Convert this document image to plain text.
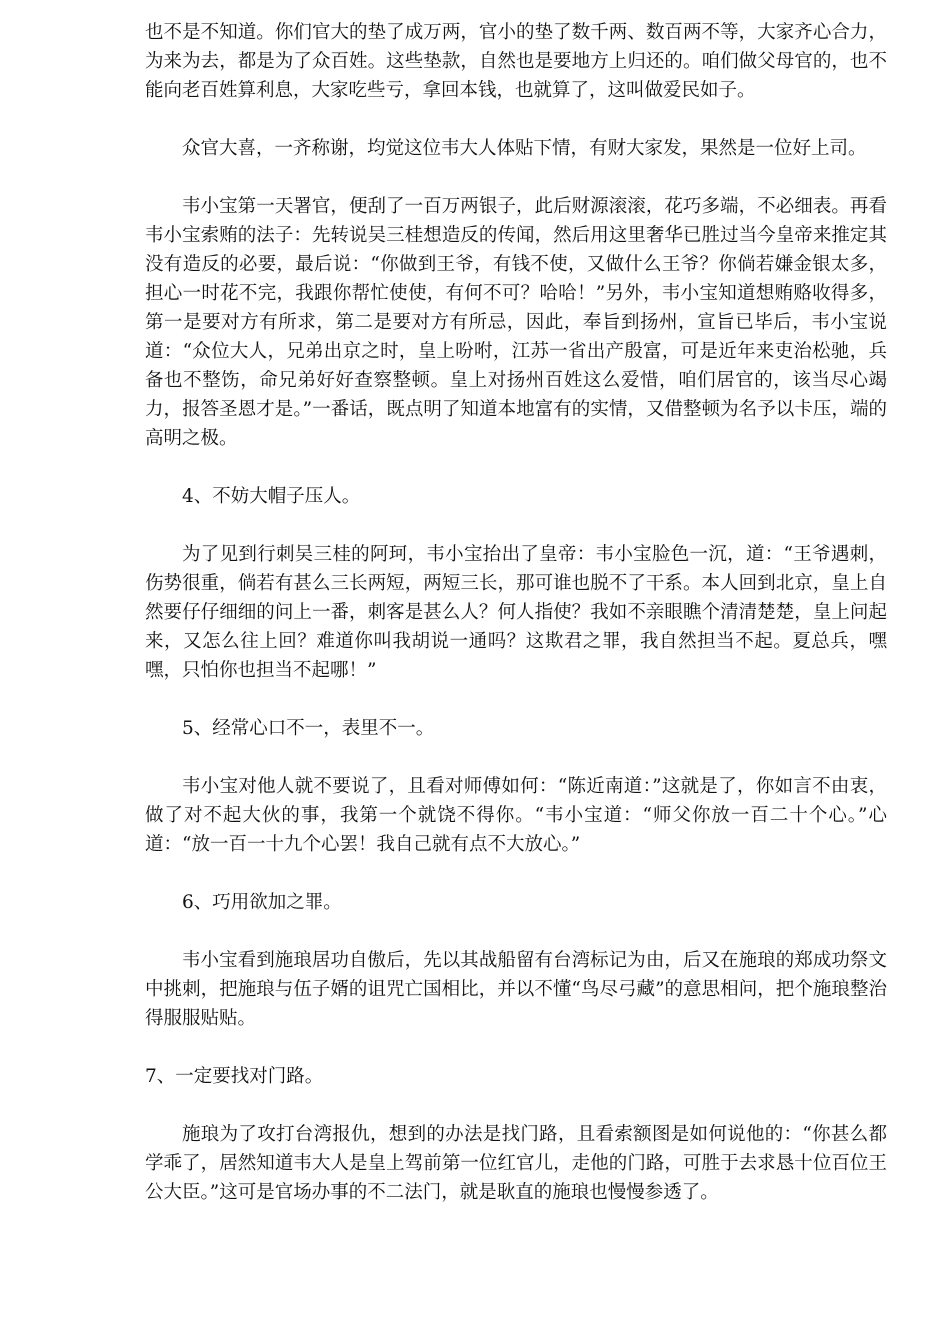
也不是不知道。你们官大的垫了成万两，官小的垫了数千两、数百两不等，大家齐心合力，为来为去，都是为了众百姓。这些垫款，自然也是要地方上归还的。咱们做父母官的，也不能向老百姓算利息，大家吃些亏，拿回本钱，也就算了，这叫做爱民如子。

众官大喜，一齐称谢，均觉这位韦大人体贴下情，有财大家发，果然是一位好上司。

韦小宝第一天署官，便刮了一百万两银子，此后财源滚滚，花巧多端，不必细表。再看韦小宝索贿的法子：先转说吴三桂想造反的传闻，然后用这里奢华已胜过当今皇帝来推定其没有造反的必要，最后说：“你做到王爷，有钱不使，又做什么王爷？你倘若嫌金银太多，担心一时花不完，我跟你帮忙使使，有何不可？哈哈！”另外，韦小宝知道想贿赂收得多，第一是要对方有所求，第二是要对方有所忌，因此，奉旨到扬州，宣旨已毕后，韦小宝说道：“众位大人，兄弟出京之时，皇上吩咐，江苏一省出产殷富，可是近年来吏治松驰，兵备也不整饬，命兄弟好好查察整顿。皇上对扬州百姓这么爱惜，咱们居官的，该当尽心竭力，报答圣恩才是。”一番话，既点明了知道本地富有的实情，又借整顿为名予以卡压，端的高明之极。

4、不妨大帽子压人。

为了见到行刺吴三桂的阿珂，韦小宝抬出了皇帝：韦小宝脸色一沉，道：“王爷遇刺，伤势很重，倘若有甚么三长两短，两短三长，那可谁也脱不了干系。本人回到北京，皇上自然要仔仔细细的问上一番，刺客是甚么人？何人指使？我如不亲眼瞧个清清楚楚，皇上问起来，又怎么往上回？难道你叫我胡说一通吗？这欺君之罪，我自然担当不起。夏总兵，嘿嘿，只怕你也担当不起哪！”

5、经常心口不一，表里不一。

韦小宝对他人就不要说了，且看对师傅如何：“陈近南道：”这就是了，你如言不由衷，做了对不起大伙的事，我第一个就饶不得你。“韦小宝道：“师父你放一百二十个心。”心道：“放一百一十九个心罢！我自己就有点不大放心。”

6、巧用欲加之罪。

韦小宝看到施琅居功自傲后，先以其战船留有台湾标记为由，后又在施琅的郑成功祭文中挑刺，把施琅与伍子婿的诅咒亡国相比，并以不懂“鸟尽弓藏”的意思相问，把个施琅整治得服服贴贴。

7、一定要找对门路。

施琅为了攻打台湾报仇，想到的办法是找门路，且看索额图是如何说他的：“你甚么都学乖了，居然知道韦大人是皇上驾前第一位红官儿，走他的门路，可胜于去求恳十位百位王公大臣。”这可是官场办事的不二法门，就是耿直的施琅也慢慢参透了。
